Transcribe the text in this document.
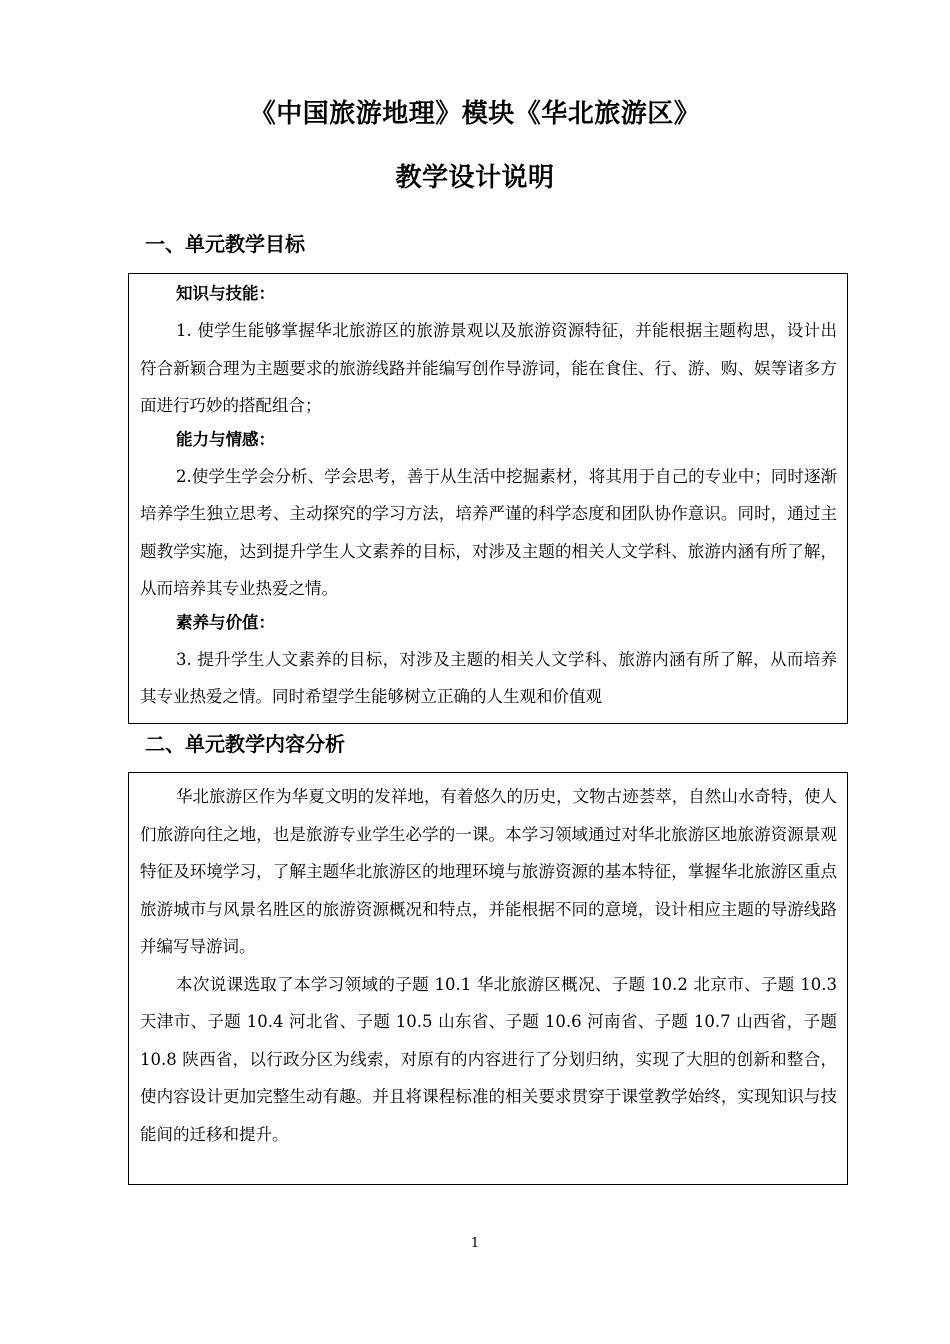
《中国旅游地理》模块《华北旅游区》
教学设计说明
一、单元教学目标
知识与技能：

1. 使学生能够掌握华北旅游区的旅游景观以及旅游资源特征，并能根据主题构思，设计出符合新颖合理为主题要求的旅游线路并能编写创作导游词，能在食住、行、游、购、娱等诸多方面进行巧妙的搭配组合；

能力与情感：

2.使学生学会分析、学会思考，善于从生活中挖掘素材，将其用于自己的专业中；同时逐渐培养学生独立思考、主动探究的学习方法，培养严谨的科学态度和团队协作意识。同时，通过主题教学实施，达到提升学生人文素养的目标，对涉及主题的相关人文学科、旅游内涵有所了解，从而培养其专业热爱之情。

素养与价值：

3. 提升学生人文素养的目标，对涉及主题的相关人文学科、旅游内涵有所了解，从而培养其专业热爱之情。同时希望学生能够树立正确的人生观和价值观

二、单元教学内容分析

华北旅游区作为华夏文明的发祥地，有着悠久的历史，文物古迹荟萃，自然山水奇特，使人们旅游向往之地，也是旅游专业学生必学的一课。本学习领域通过对华北旅游区地旅游资源景观特征及环境学习，了解主题华北旅游区的地理环境与旅游资源的基本特征，掌握华北旅游区重点旅游城市与风景名胜区的旅游资源概况和特点，并能根据不同的意境，设计相应主题的导游线路并编写导游词。

本次说课选取了本学习领域的子题 10.1 华北旅游区概况、子题 10.2 北京市、子题 10.3 天津市、子题 10.4 河北省、子题 10.5 山东省、子题 10.6 河南省、子题 10.7 山西省，子题 10.8 陕西省，以行政分区为线索，对原有的内容进行了分划归纳，实现了大胆的创新和整合，使内容设计更加完整生动有趣。并且将课程标准的相关要求贯穿于课堂教学始终，实现知识与技能间的迁移和提升。

1
